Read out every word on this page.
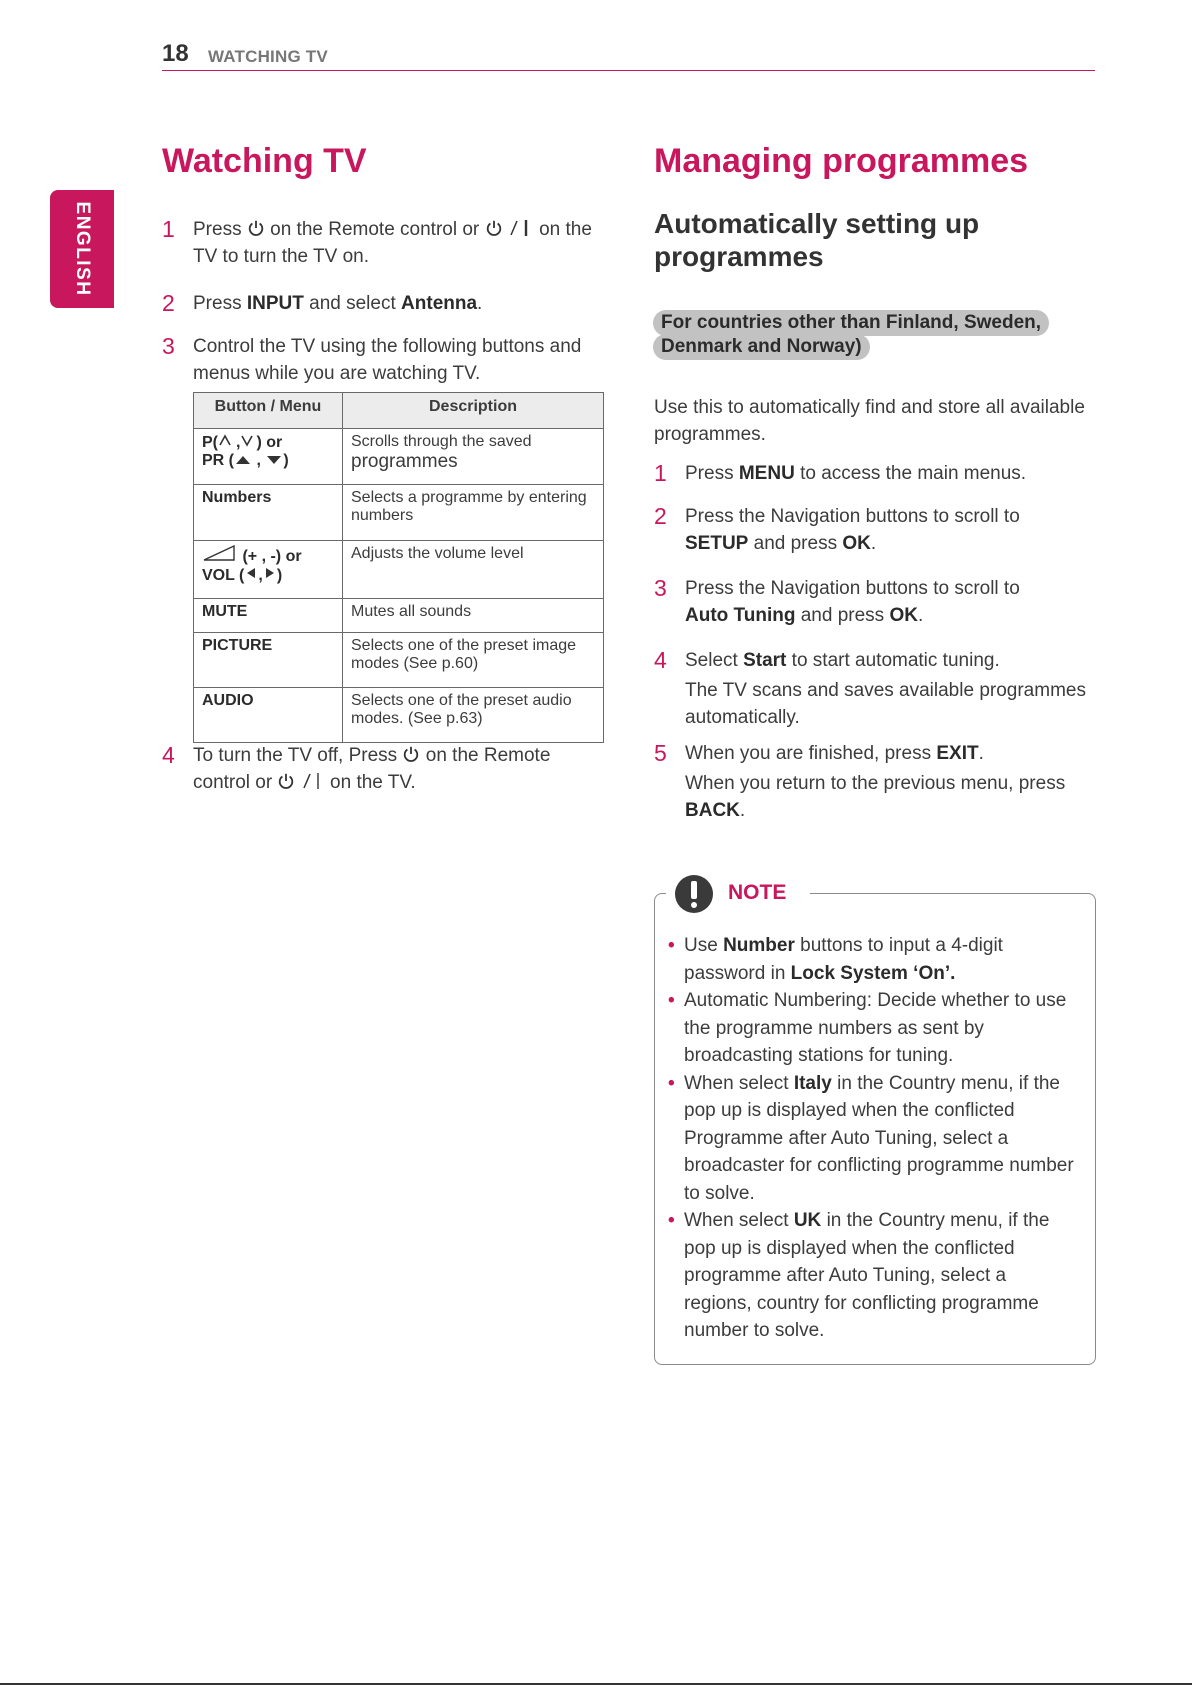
18 WATCHING TV
ENGLISH
Watching TV
1 Press on the Remote control or	on the TV to turn the TV on.
2 Press INPUT and select Antenna.
3 Control the TV using the following buttons and menus while you are watching TV.
Button / Menu	Description
P( , ) or
PR ( , )	Scrolls through the saved
programmes
Numbers	Selects a programme by entering numbers
(+ , -) or
VOL ( , )	Adjusts the volume level
MUTE	Mutes all sounds
PICTURE	Selects one of the preset image modes (See p.60)
AUDIO	Selects one of the preset audio modes. (See p.63)
4 To turn the TV off, Press on the Remote control or	on the TV.
Managing programmes
Automatically setting up
programmes
For countries other than Finland, Sweden,
Denmark and Norway)
Use this to automatically find and store all available programmes.
1 Press MENU to access the main menus.
2 Press the Navigation buttons to scroll to
SETUP and press OK.
3 Press the Navigation buttons to scroll to
Auto Tuning and press OK.
4 Select Start to start automatic tuning.
The TV scans and saves available programmes automatically.
5 When you are finished, press EXIT.
When you return to the previous menu, press
BACK.
NOTE
• Use Number buttons to input a 4-digit password in Lock System ‘On’.
• Automatic Numbering: Decide whether to use the programme numbers as sent by broadcasting stations for tuning.
• When select Italy in the Country menu, if the pop up is displayed when the conflicted Programme after Auto Tuning, select a broadcaster for conflicting programme number to solve.
• When select UK in the Country menu, if the pop up is displayed when the conflicted programme after Auto Tuning, select a regions, country for conflicting programme number to solve.
